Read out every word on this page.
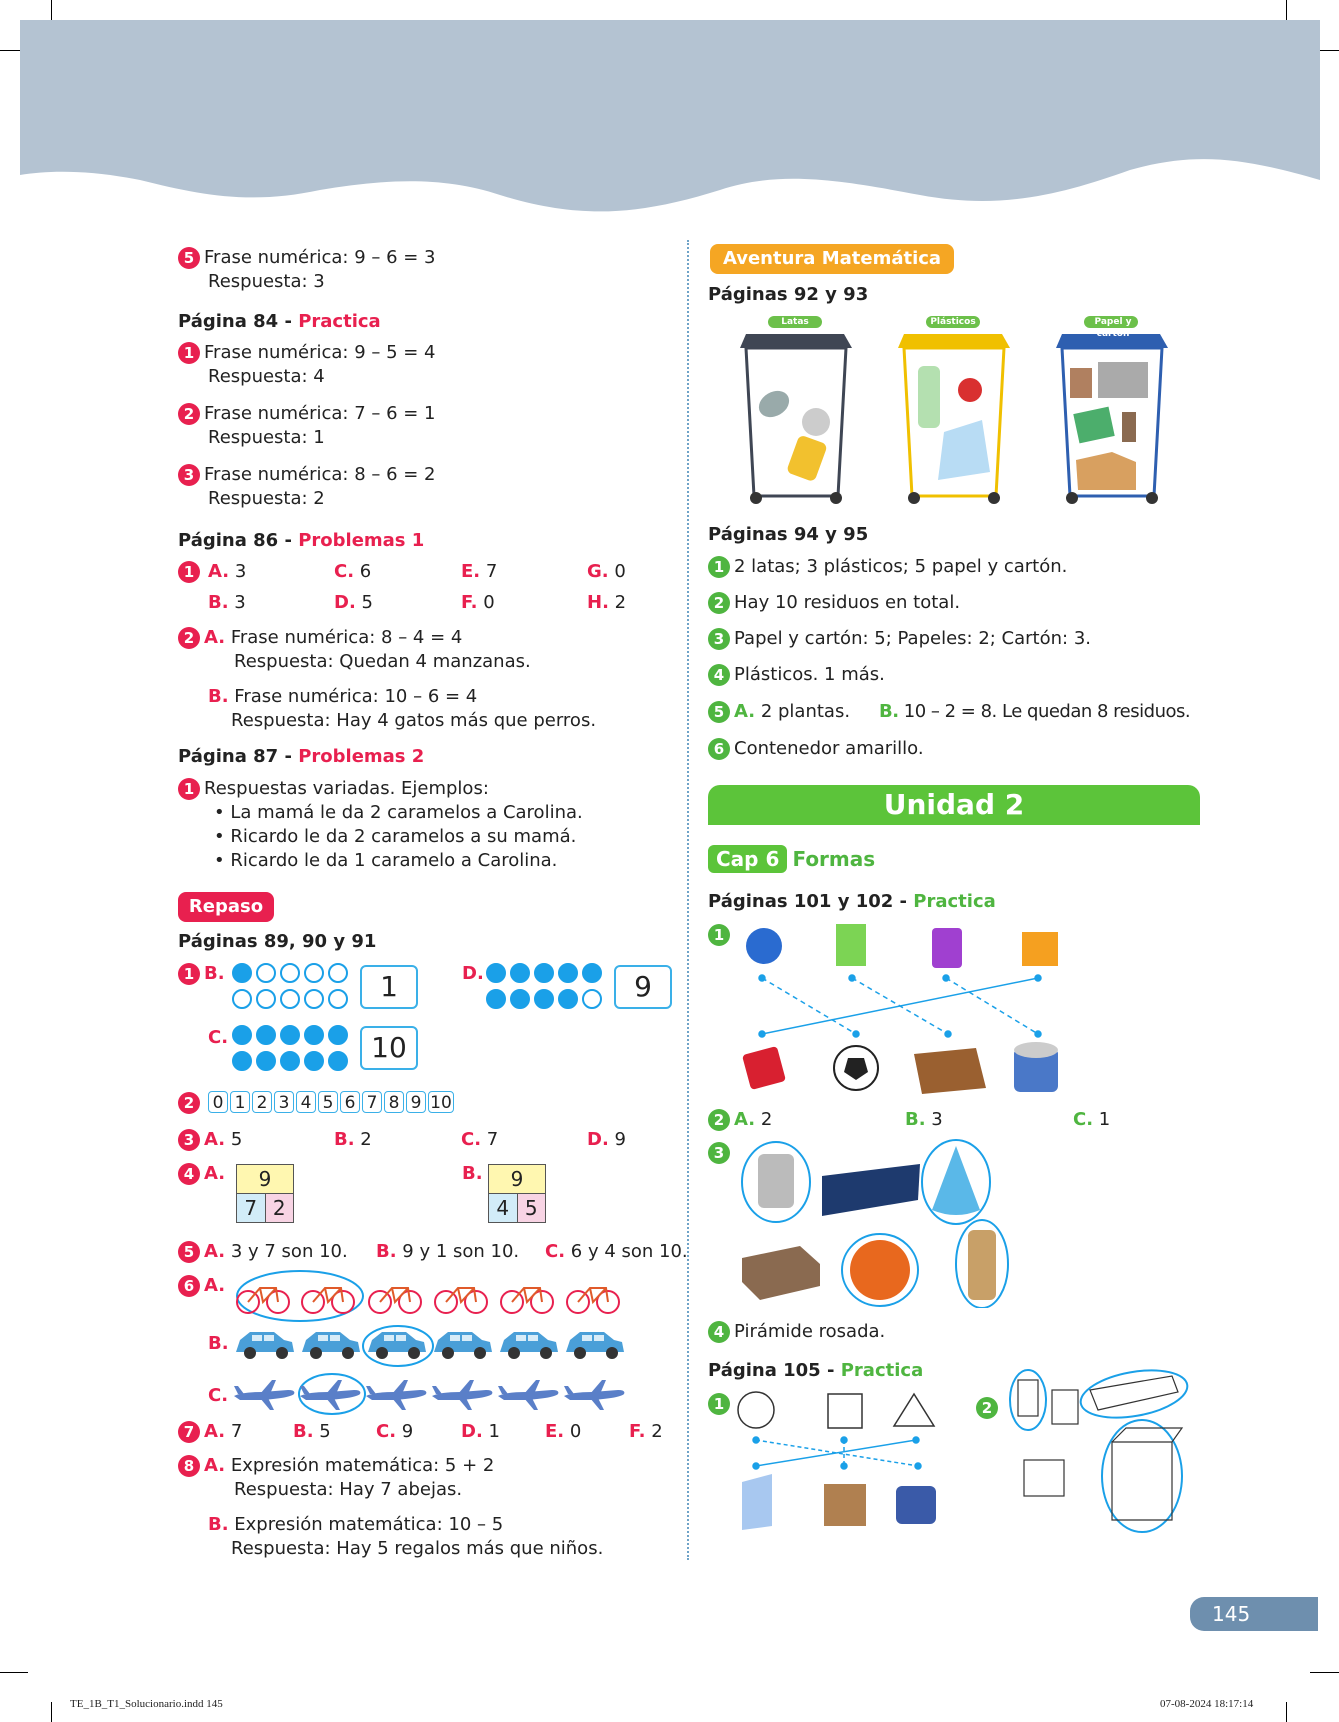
5 Frase numérica: 9 – 6 = 3
Respuesta: 3
Página 84 - Practica
1 Frase numérica: 9 – 5 = 4
Respuesta: 4
2 Frase numérica: 7 – 6 = 1
Respuesta: 1
3 Frase numérica: 8 – 6 = 2
Respuesta: 2
Página 86 - Problemas 1
1 A. 3	C. 6	E. 7	G. 0
B. 3	D. 5	F. 0	H. 2
2 A. Frase numérica: 8 – 4 = 4
Respuesta: Quedan 4 manzanas.
B. Frase numérica: 10 – 6 = 4
Respuesta: Hay 4 gatos más que perros.
Página 87 - Problemas 2
1 Respuestas variadas. Ejemplos:
• La mamá le da 2 caramelos a Carolina.
• Ricardo le da 2 caramelos a su mamá.
• Ricardo le da 1 caramelo a Carolina.
Repaso
Páginas 89, 90 y 91
1 B.	1	D.	9
C.	10
2	0 1 2 3 4 5 6 7 8 9 10
3 A. 5	B. 2	C. 7	D. 9
4 A.	9
7 2
B.	9
4 5
5 A. 3 y 7 son 10. B. 9 y 1 son 10. C. 6 y 4 son 10.
6 A.
B.
C.
7 A. 7	B. 5	C. 9	D. 1	E. 0	F. 2
8 A. Expresión matemática: 5 + 2
Respuesta: Hay 7 abejas.
B. Expresión matemática: 10 – 5
Respuesta: Hay 5 regalos más que niños.
Aventura Matemática
Páginas 92 y 93
Latas	Plásticos	Papel y cartón
Páginas 94 y 95
1 2 latas; 3 plásticos; 5 papel y cartón.
2 Hay 10 residuos en total.
3 Papel y cartón: 5; Papeles: 2; Cartón: 3.
4 Plásticos. 1 más.
5 A. 2 plantas. B. 10 – 2 = 8. Le quedan 8 residuos.
6 Contenedor amarillo.
Unidad 2
Cap 6 Formas
Páginas 101 y 102 - Practica
1
2 A. 2	B. 3	C. 1
3
4 Pirámide rosada.
Página 105 - Practica
1	2
145
TE_1B_T1_Solucionario.indd 145	07-08-2024 18:17:14
